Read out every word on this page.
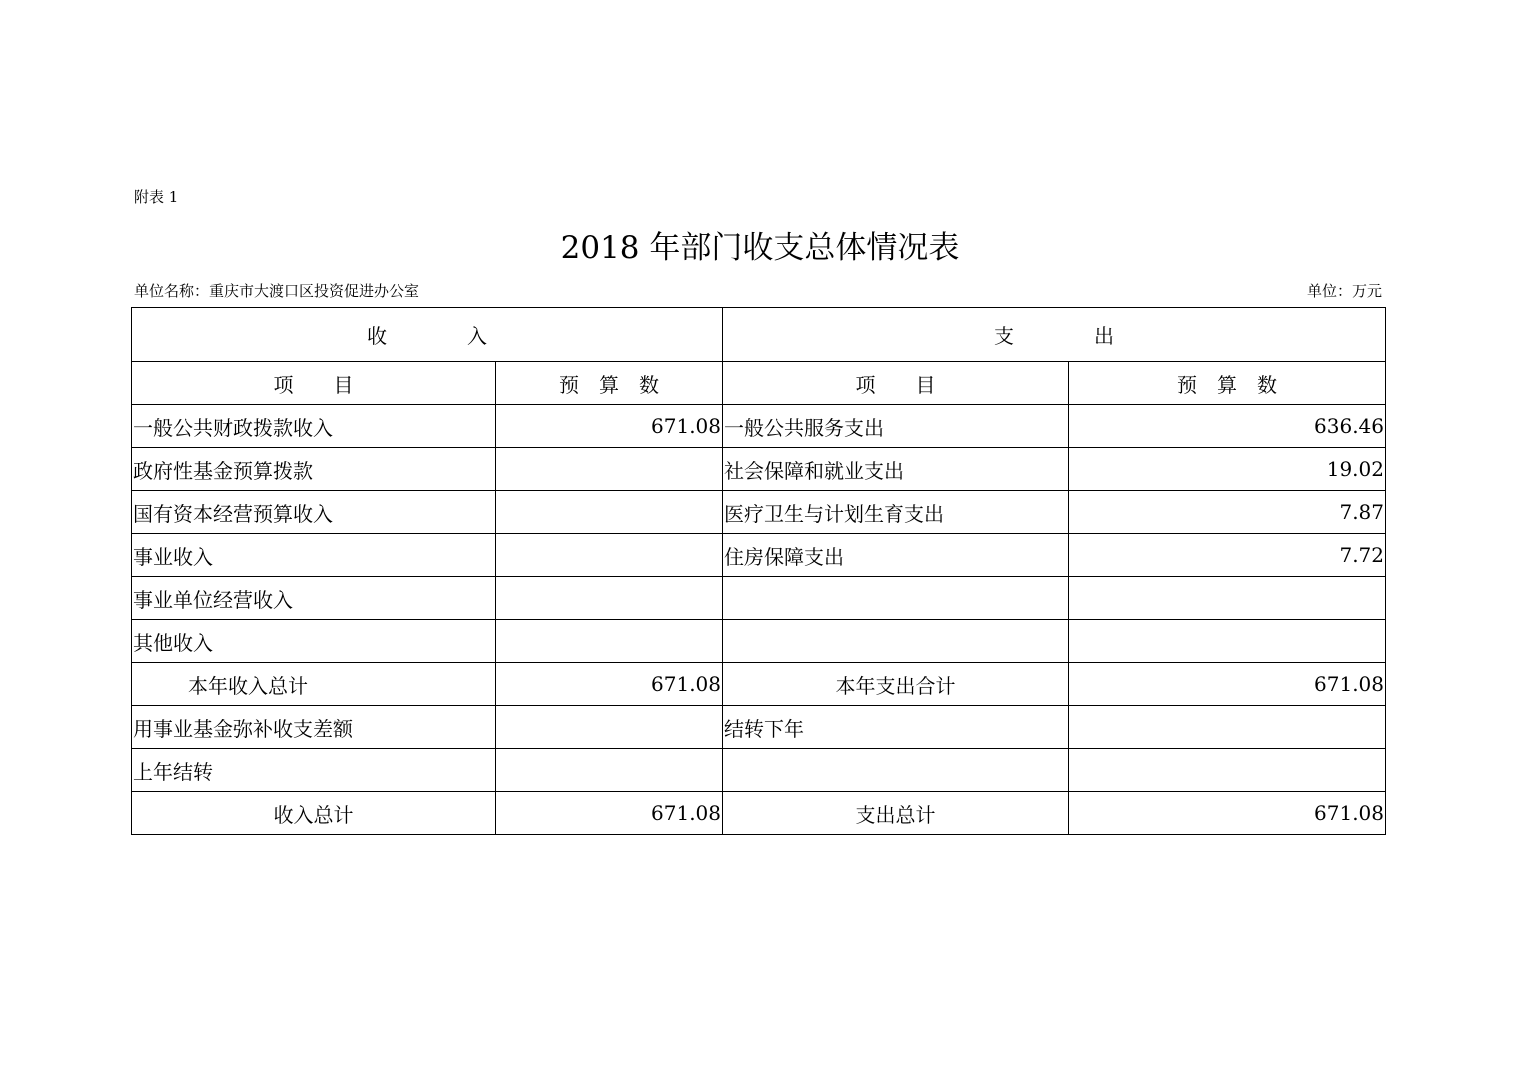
附表 1
2018 年部门收支总体情况表
单位名称：重庆市大渡口区投资促进办公室	单位：万元
收　　　　入		支　　　　出	
项　　目	预　算　数	项　　目	预　算　数
一般公共财政拨款收入	671.08	一般公共服务支出	636.46
政府性基金预算拨款		社会保障和就业支出	19.02
国有资本经营预算收入		医疗卫生与计划生育支出	7.87
事业收入		住房保障支出	7.72
事业单位经营收入			
其他收入			
本年收入总计	671.08	本年支出合计	671.08
用事业基金弥补收支差额		结转下年	
上年结转			
收入总计	671.08	支出总计	671.08
